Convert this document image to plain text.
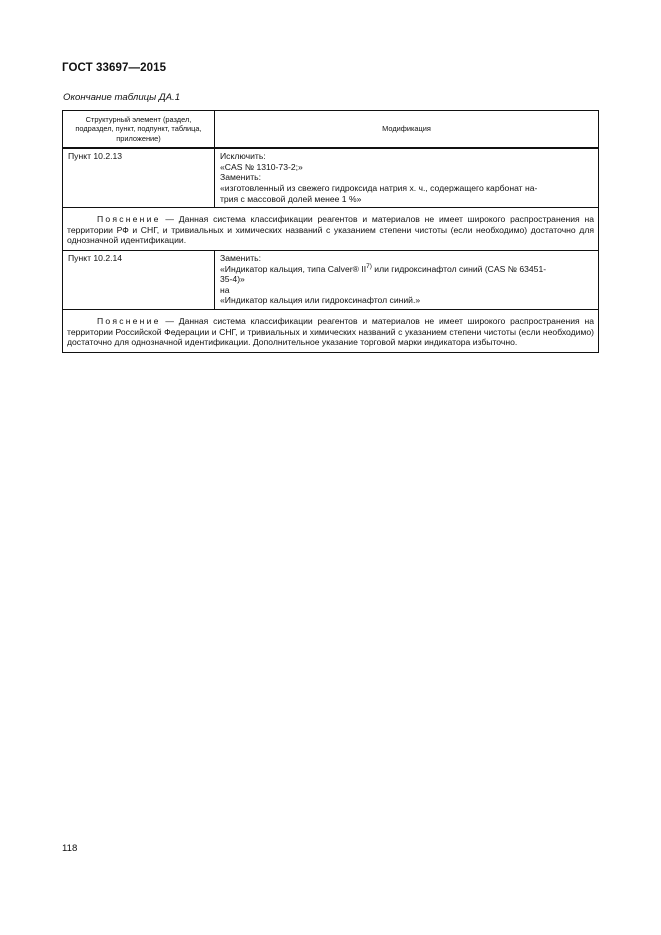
ГОСТ 33697—2015
Окончание таблицы ДА.1
Структурный элемент (раздел, подраздел, пункт, подпункт, таблица, приложение)	Модификация
Пункт 10.2.13	Исключить:
«CAS № 1310-73-2;»
Заменить:
«изготовленный из свежего гидроксида натрия х. ч., содержащего карбонат на-
трия с массовой долей менее 1 %»

Пояснение — Данная система классификации реагентов и материалов не имеет широкого распространения на территории РФ и СНГ, и тривиальных и химических названий с указанием степени чистоты (если необходимо) достаточно для однозначной идентификации.	
Пункт 10.2.14	Заменить:
«Индикатор кальция, типа Calver® II$^{7)}$ или гидроксинафтол синий (CAS № 63451-
35-4)»
на
«Индикатор кальция или гидроксинафтол синий.»

Пояснение — Данная система классификации реагентов и материалов не имеет широкого распространения на территории Российской Федерации и СНГ, и тривиальных и химических названий с указанием степени чистоты (если необходимо) достаточно для однозначной идентификации. Дополнительное указание торговой марки индикатора избыточно.	
118
